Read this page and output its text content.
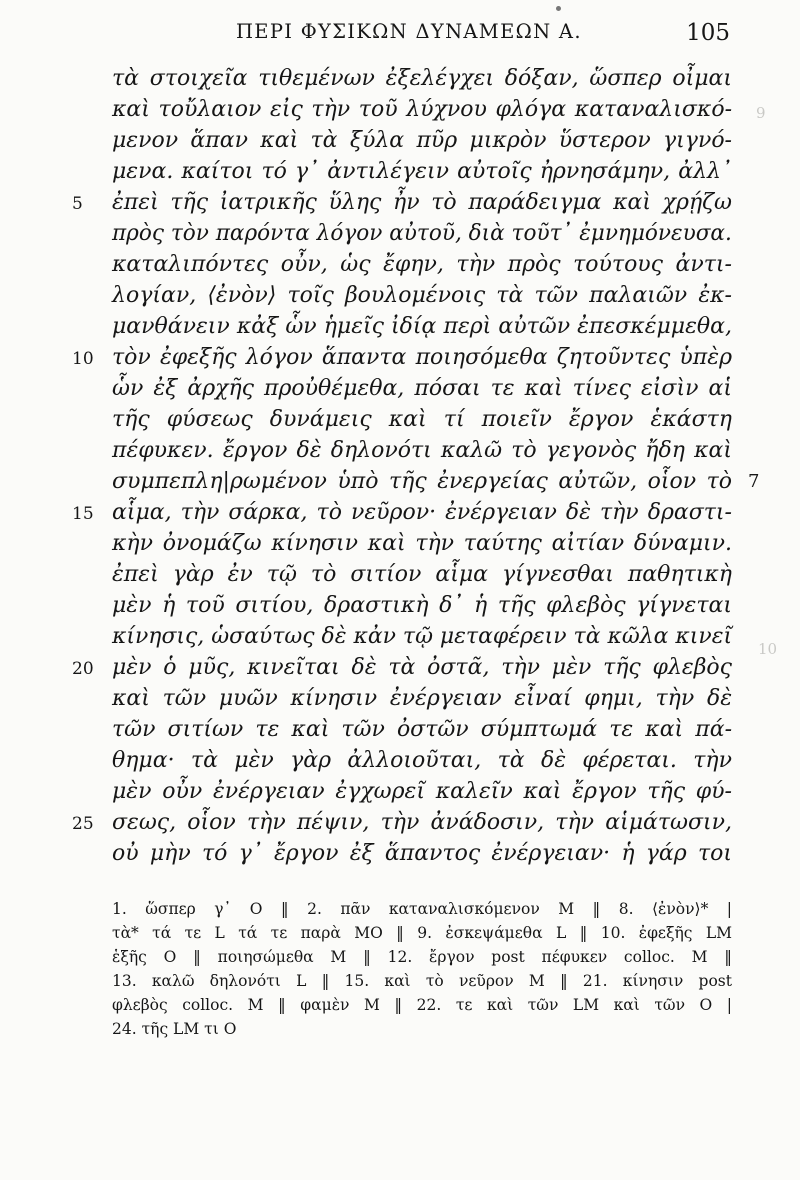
ΠΕΡΙ ΦΥΣΙΚΩΝ ΔΥΝΑΜΕΩΝ Α.	105
9
10
τὰ στοιχεῖα τιθεμένων ἐξελέγχει δόξαν, ὥσπερ οἶμαι
καὶ τοὔλαιον εἰς τὴν τοῦ λύχνου φλόγα καταναλισκό-
μενον ἅπαν καὶ τὰ ξύλα πῦρ μικρὸν ὕστερον γιγνό-
μενα. καίτοι τό γ᾽ ἀντιλέγειν αὐτοῖς ἠρνησάμην, ἀλλ᾽
5 ἐπεὶ τῆς ἰατρικῆς ὕλης ἦν τὸ παράδειγμα καὶ χρῄζω
πρὸς τὸν παρόντα λόγον αὐτοῦ, διὰ τοῦτ᾽ ἐμνημόνευσα.
καταλιπόντες οὖν, ὡς ἔφην, τὴν πρὸς τούτους ἀντι-
λογίαν, ⟨ἐνὸν⟩ τοῖς βουλομένοις τὰ τῶν παλαιῶν ἐκ-
μανθάνειν κἀξ ὧν ἡμεῖς ἰδίᾳ περὶ αὐτῶν ἐπεσκέμμεθα,
10 τὸν ἐφεξῆς λόγον ἅπαντα ποιησόμεθα ζητοῦντες ὑπὲρ
ὧν ἐξ ἀρχῆς προὐθέμεθα, πόσαι τε καὶ τίνες εἰσὶν αἱ
τῆς φύσεως δυνάμεις καὶ τί ποιεῖν ἔργον ἑκάστη
πέφυκεν. ἔργον δὲ δηλονότι καλῶ τὸ γεγονὸς ἤδη καὶ
συμπεπλη|ρωμένον ὑπὸ τῆς ἐνεργείας αὐτῶν, οἷον τὸ 7
15 αἷμα, τὴν σάρκα, τὸ νεῦρον· ἐνέργειαν δὲ τὴν δραστι-
κὴν ὀνομάζω κίνησιν καὶ τὴν ταύτης αἰτίαν δύναμιν.
ἐπεὶ γὰρ ἐν τῷ τὸ σιτίον αἷμα γίγνεσθαι παθητικὴ
μὲν ἡ τοῦ σιτίου, δραστικὴ δ᾽ ἡ τῆς φλεβὸς γίγνεται
κίνησις, ὡσαύτως δὲ κἀν τῷ μεταφέρειν τὰ κῶλα κινεῖ
20 μὲν ὁ μῦς, κινεῖται δὲ τὰ ὀστᾶ, τὴν μὲν τῆς φλεβὸς
καὶ τῶν μυῶν κίνησιν ἐνέργειαν εἶναί φημι, τὴν δὲ
τῶν σιτίων τε καὶ τῶν ὀστῶν σύμπτωμά τε καὶ πά-
θημα· τὰ μὲν γὰρ ἀλλοιοῦται, τὰ δὲ φέρεται. τὴν
μὲν οὖν ἐνέργειαν ἐγχωρεῖ καλεῖν καὶ ἔργον τῆς φύ-
25 σεως, οἷον τὴν πέψιν, τὴν ἀνάδοσιν, τὴν αἱμάτωσιν,
οὐ μὴν τό γ᾽ ἔργον ἐξ ἅπαντος ἐνέργειαν· ἡ γάρ τοι
1. ὥσπερ γ᾽ O ‖ 2. πᾶν καταναλισκόμενον M ‖ 8. ⟨ἐνὸν⟩* |
τὰ* τά τε L τά τε παρὰ MO ‖ 9. ἐσκεψάμεθα L ‖ 10. ἐφεξῆς LM
ἑξῆς O ‖ ποιησώμεθα M ‖ 12. ἔργον post πέφυκεν colloc. M ‖
13. καλῶ δηλονότι L ‖ 15. καὶ τὸ νεῦρον M ‖ 21. κίνησιν post
φλεβὸς colloc. M ‖ φαμὲν M ‖ 22. τε καὶ τῶν LM καὶ τῶν O |
24. τῆς LM τι O
